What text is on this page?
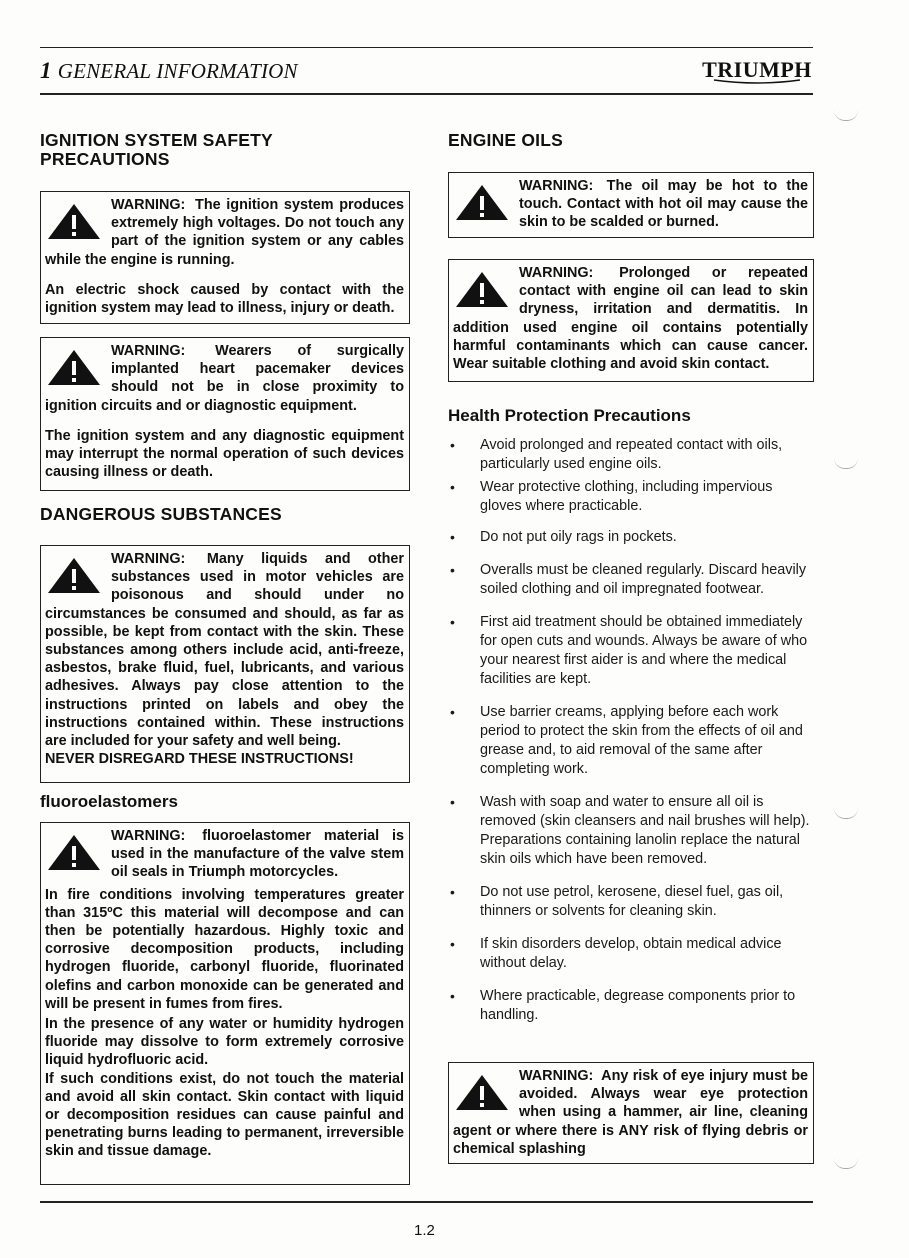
1 GENERAL INFORMATION	TRIUMPH
IGNITION SYSTEM SAFETY PRECAUTIONS

WARNING: The ignition system produces extremely high voltages. Do not touch any part of the ignition system or any cables while the engine is running.

An electric shock caused by contact with the ignition system may lead to illness, injury or death.

WARNING: Wearers of surgically implanted heart pacemaker devices should not be in close proximity to ignition circuits and or diagnostic equipment.

The ignition system and any diagnostic equipment may interrupt the normal operation of such devices causing illness or death.

DANGEROUS SUBSTANCES

WARNING: Many liquids and other substances used in motor vehicles are poisonous and should under no circumstances be consumed and should, as far as possible, be kept from contact with the skin. These substances among others include acid, anti-freeze, asbestos, brake fluid, fuel, lubricants, and various adhesives. Always pay close attention to the instructions printed on labels and obey the instructions contained within. These instructions are included for your safety and well being.

NEVER DISREGARD THESE INSTRUCTIONS!

fluoroelastomers

WARNING: fluoroelastomer material is used in the manufacture of the valve stem oil seals in Triumph motorcycles.

In fire conditions involving temperatures greater than 315ºC this material will decompose and can then be potentially hazardous. Highly toxic and corrosive decomposition products, including hydrogen fluoride, carbonyl fluoride, fluorinated olefins and carbon monoxide can be generated and will be present in fumes from fires.

In the presence of any water or humidity hydrogen fluoride may dissolve to form extremely corrosive liquid hydrofluoric acid.

If such conditions exist, do not touch the material and avoid all skin contact. Skin contact with liquid or decomposition residues can cause painful and penetrating burns leading to permanent, irreversible skin and tissue damage.

ENGINE OILS

WARNING: The oil may be hot to the touch. Contact with hot oil may cause the skin to be scalded or burned.

WARNING: Prolonged or repeated contact with engine oil can lead to skin dryness, irritation and dermatitis. In addition used engine oil contains potentially harmful contaminants which can cause cancer. Wear suitable clothing and avoid skin contact.

Health Protection Precautions
• Avoid prolonged and repeated contact with oils, particularly used engine oils.
• Wear protective clothing, including impervious gloves where practicable.
• Do not put oily rags in pockets.
• Overalls must be cleaned regularly. Discard heavily soiled clothing and oil impregnated footwear.
• First aid treatment should be obtained immediately for open cuts and wounds. Always be aware of who your nearest first aider is and where the medical facilities are kept.
• Use barrier creams, applying before each work period to protect the skin from the effects of oil and grease and, to aid removal of the same after completing work.
• Wash with soap and water to ensure all oil is removed (skin cleansers and nail brushes will help). Preparations containing lanolin replace the natural skin oils which have been removed.
• Do not use petrol, kerosene, diesel fuel, gas oil, thinners or solvents for cleaning skin.
• If skin disorders develop, obtain medical advice without delay.
• Where practicable, degrease components prior to handling.

WARNING: Any risk of eye injury must be avoided. Always wear eye protection when using a hammer, air line, cleaning agent or where there is ANY risk of flying debris or chemical splashing

1.2
